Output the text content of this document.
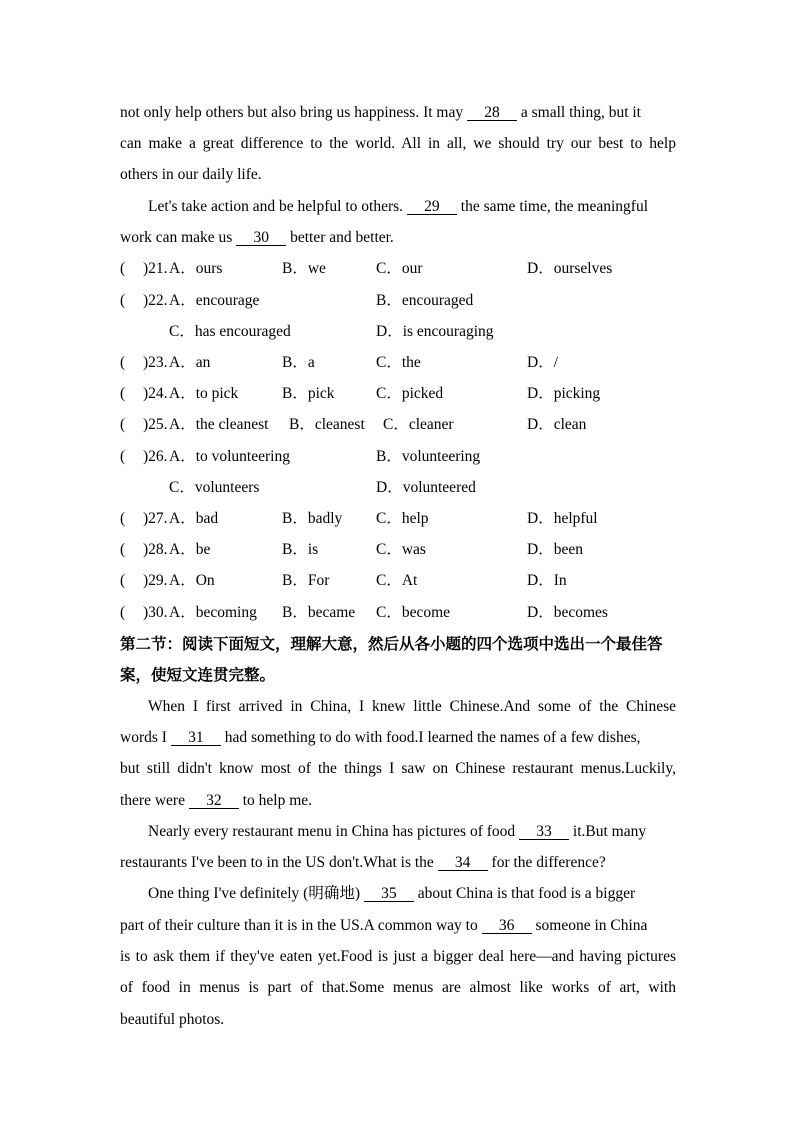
not only help others but also bring us happiness. It may 28 a small thing, but it
can make a great difference to the world. All in all, we should try our best to help
others in our daily life.
Let's take action and be helpful to others. 29 the same time, the meaningful
work can make us 30 better and better.
( )21. A．ours	B．we	C．our	D．ourselves
( )22. A．encourage	B．encouraged
C．has encouraged	D．is encouraging
( )23. A．an	B．a	C．the	D．/
( )24. A．to pick	B．pick	C．picked	D．picking
( )25. A．the cleanest B．cleanest C．cleaner	D．clean
( )26. A．to volunteering	B．volunteering
C．volunteers	D．volunteered
( )27. A．bad	B．badly C．help	D．helpful
( )28. A．be	B．is	C．was	D．been
( )29. A．On	B．For	C．At	D．In
( )30. A．becoming B．became C．become	D．becomes
第二节：阅读下面短文，理解大意，然后从各小题的四个选项中选出一个最佳答
案，使短文连贯完整。
When I first arrived in China, I knew little Chinese.And some of the Chinese
words I 31 had something to do with food.I learned the names of a few dishes,
but still didn't know most of the things I saw on Chinese restaurant menus.Luckily,
there were 32 to help me.
Nearly every restaurant menu in China has pictures of food 33 it.But many
restaurants I've been to in the US don't.What is the 34 for the difference?
One thing I've definitely (明确地) 35 about China is that food is a bigger
part of their culture than it is in the US.A common way to 36 someone in China
is to ask them if they've eaten yet.Food is just a bigger deal here—and having pictures
of food in menus is part of that.Some menus are almost like works of art, with
beautiful photos.
